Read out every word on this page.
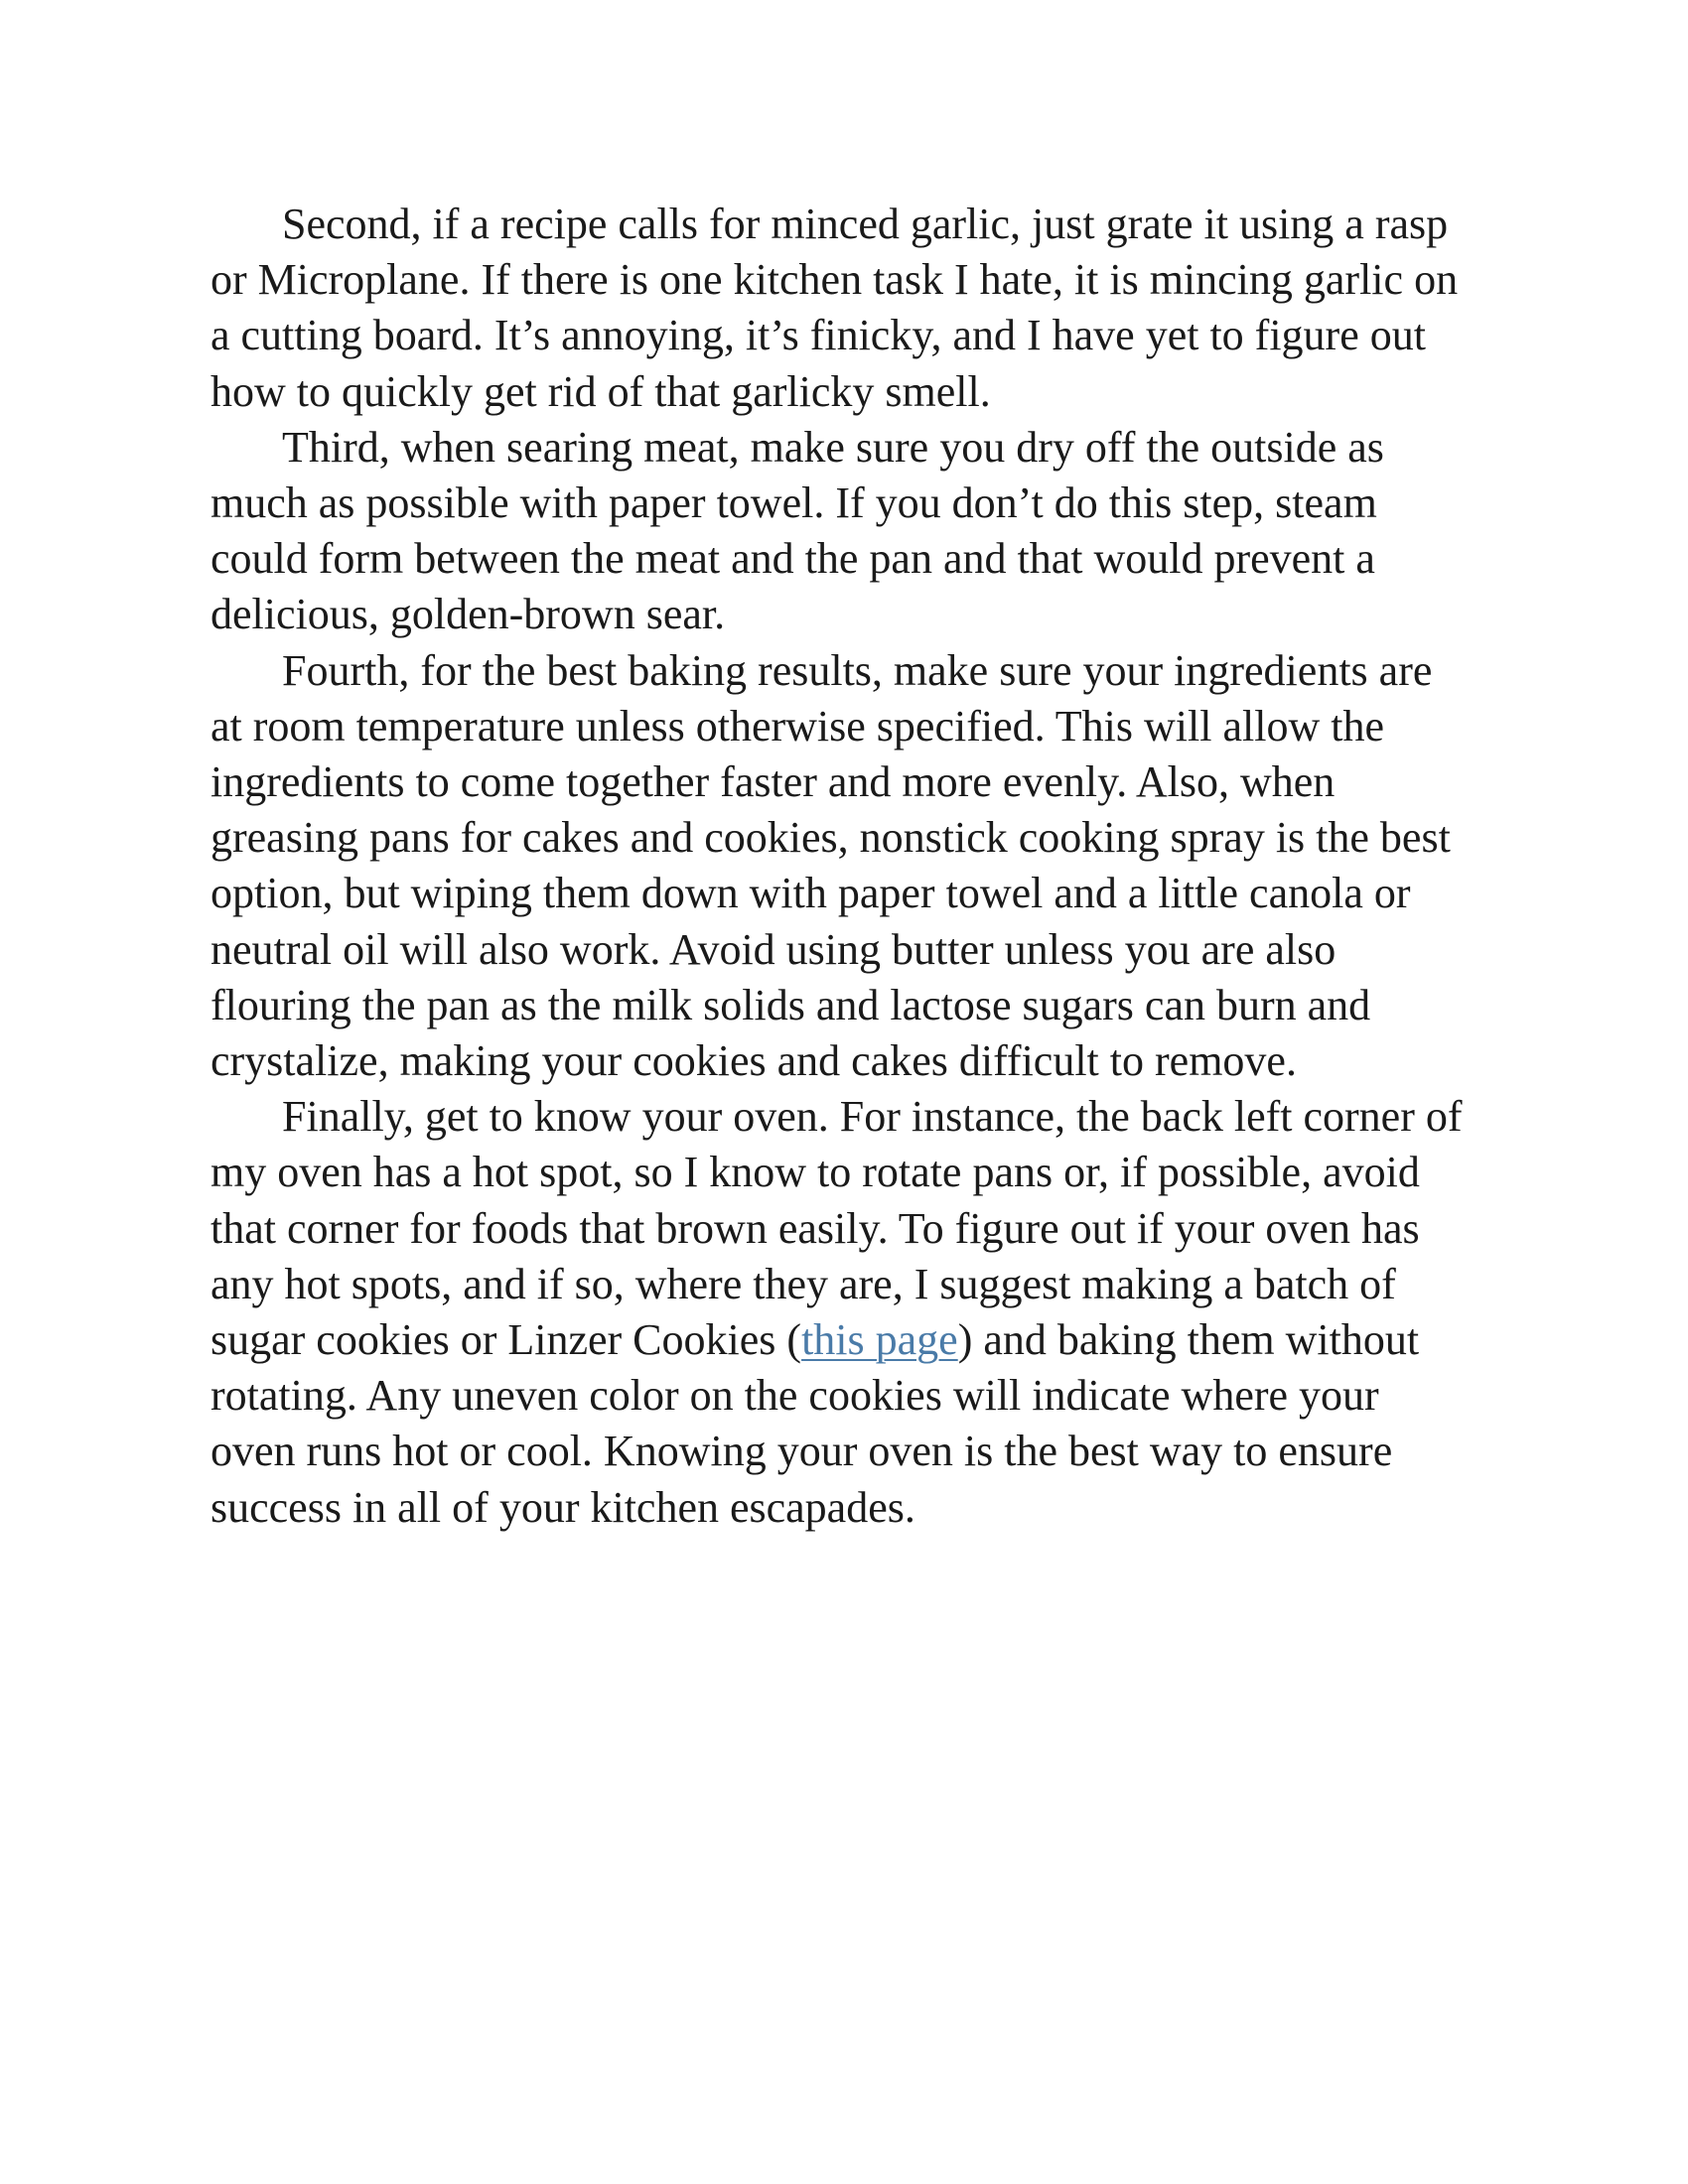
Second, if a recipe calls for minced garlic, just grate it using a rasp or Microplane. If there is one kitchen task I hate, it is mincing garlic on a cutting board. It’s annoying, it’s finicky, and I have yet to figure out how to quickly get rid of that garlicky smell.

Third, when searing meat, make sure you dry off the outside as much as possible with paper towel. If you don’t do this step, steam could form between the meat and the pan and that would prevent a delicious, golden-brown sear.

Fourth, for the best baking results, make sure your ingredients are at room temperature unless otherwise specified. This will allow the ingredients to come together faster and more evenly. Also, when greasing pans for cakes and cookies, nonstick cooking spray is the best option, but wiping them down with paper towel and a little canola or neutral oil will also work. Avoid using butter unless you are also flouring the pan as the milk solids and lactose sugars can burn and crystalize, making your cookies and cakes difficult to remove.

Finally, get to know your oven. For instance, the back left corner of my oven has a hot spot, so I know to rotate pans or, if possible, avoid that corner for foods that brown easily. To figure out if your oven has any hot spots, and if so, where they are, I suggest making a batch of sugar cookies or Linzer Cookies (this page) and baking them without rotating. Any uneven color on the cookies will indicate where your oven runs hot or cool. Knowing your oven is the best way to ensure success in all of your kitchen escapades.
